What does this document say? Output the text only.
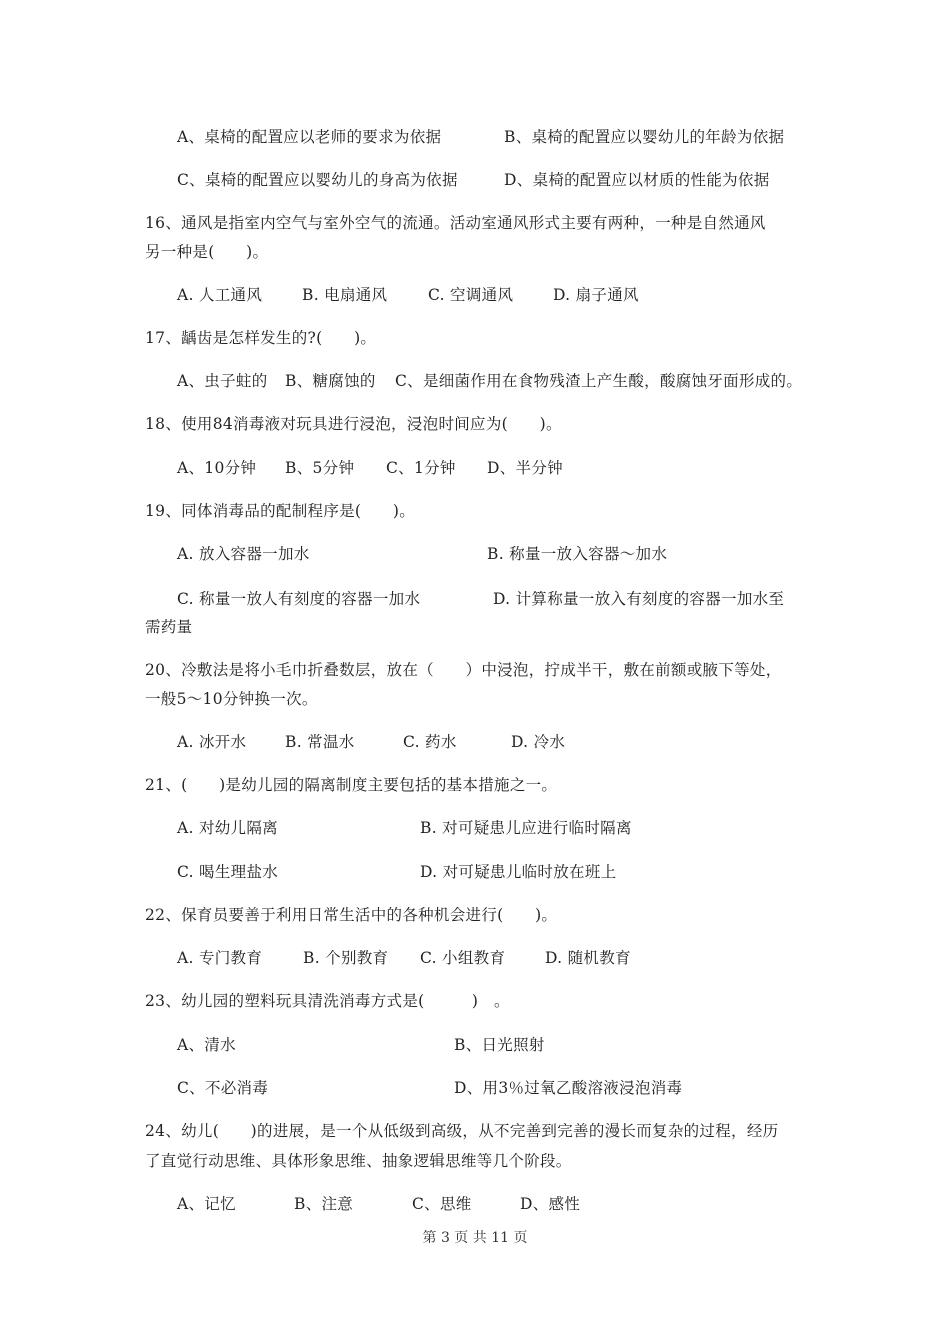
A、桌椅的配置应以老师的要求为依据	B、桌椅的配置应以婴幼儿的年龄为依据
C、桌椅的配置应以婴幼儿的身高为依据	D、桌椅的配置应以材质的性能为依据
16、通风是指室内空气与室外空气的流通。活动室通风形式主要有两种，一种是自然通风
另一种是(　　)。
A. 人工通风	B. 电扇通风	C. 空调通风	D. 扇子通风
17、龋齿是怎样发生的?(　　)。
A、虫子蛀的 B、糖腐蚀的 C、是细菌作用在食物残渣上产生酸，酸腐蚀牙面形成的。
18、使用84消毒液对玩具进行浸泡，浸泡时间应为(　　)。
A、10分钟 B、5分钟 C、1分钟 D、半分钟
19、同体消毒品的配制程序是(　　)。
A. 放入容器一加水	B. 称量一放入容器～加水
C. 称量一放人有刻度的容器一加水	D. 计算称量一放入有刻度的容器一加水至
需药量
20、冷敷法是将小毛巾折叠数层，放在（　　）中浸泡，拧成半干，敷在前额或腋下等处，
一般5～10分钟换一次。
A. 冰开水 B. 常温水	C. 药水	D. 冷水
21、(　　)是幼儿园的隔离制度主要包括的基本措施之一。
A. 对幼儿隔离	B. 对可疑患儿应进行临时隔离
C. 喝生理盐水	D. 对可疑患儿临时放在班上
22、保育员要善于利用日常生活中的各种机会进行(　　)。
A. 专门教育	B. 个别教育 C. 小组教育	D. 随机教育
23、幼儿园的塑料玩具清洗消毒方式是(　　　)　。
A、清水	B、日光照射
C、不必消毒	D、用3％过氧乙酸溶液浸泡消毒
24、幼儿(　　)的进展，是一个从低级到高级，从不完善到完善的漫长而复杂的过程，经历
了直觉行动思维、具体形象思维、抽象逻辑思维等几个阶段。
A、记忆	B、注意	C、思维	D、感性
第 3 页 共 11 页
